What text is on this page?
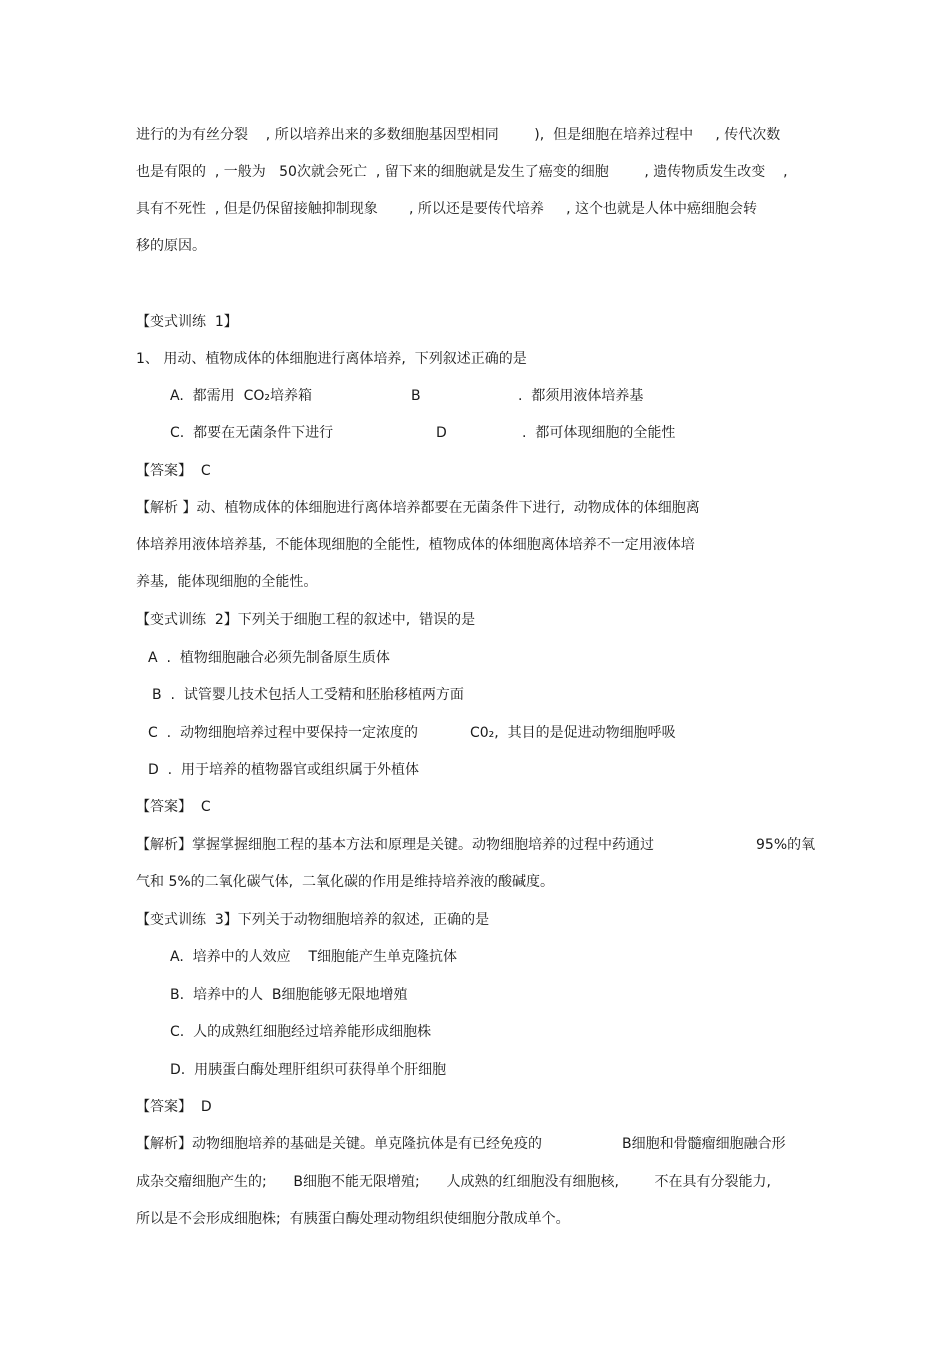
进行的为有丝分裂    , 所以培养出来的多数细胞基因型相同        ),  但是细胞在培养过程中     , 传代次数
也是有限的  , 一般为   50次就会死亡  , 留下来的细胞就是发生了癌变的细胞        , 遗传物质发生改变    ,
具有不死性  , 但是仍保留接触抑制现象       , 所以还是要传代培养     , 这个也就是人体中癌细胞会转
移的原因。
【变式训练  1】
1、 用动、植物成体的体细胞进行离体培养,  下列叙述正确的是
A.  都需用  CO₂培养箱	B	.  都须用液体培养基
C.  都要在无菌条件下进行	D	.  都可体现细胞的全能性
【答案】  C
【解析 】动、植物成体的体细胞进行离体培养都要在无菌条件下进行,  动物成体的体细胞离
体培养用液体培养基,  不能体现细胞的全能性,  植物成体的体细胞离体培养不一定用液体培
养基,  能体现细胞的全能性。
【变式训练  2】下列关于细胞工程的叙述中,  错误的是
A  .  植物细胞融合必须先制备原生质体
B  .  试管婴儿技术包括人工受精和胚胎移植两方面
C  .  动物细胞培养过程中要保持一定浓度的	C0₂,  其目的是促进动物细胞呼吸
D  .  用于培养的植物器官或组织属于外植体
【答案】  C
【解析】掌握掌握细胞工程的基本方法和原理是关键。动物细胞培养的过程中药通过	95%的氧
气和 5%的二氧化碳气体,  二氧化碳的作用是维持培养液的酸碱度。
【变式训练  3】下列关于动物细胞培养的叙述,  正确的是
A.  培养中的人效应    T细胞能产生单克隆抗体
B.  培养中的人  B细胞能够无限地增殖
C.  人的成熟红细胞经过培养能形成细胞株
D.  用胰蛋白酶处理肝组织可获得单个肝细胞
【答案】  D
【解析】动物细胞培养的基础是关键。单克隆抗体是有已经免疫的	B细胞和骨髓瘤细胞融合形
成杂交瘤细胞产生的;      B细胞不能无限增殖;      人成熟的红细胞没有细胞核,        不在具有分裂能力,
所以是不会形成细胞株;  有胰蛋白酶处理动物组织使细胞分散成单个。
